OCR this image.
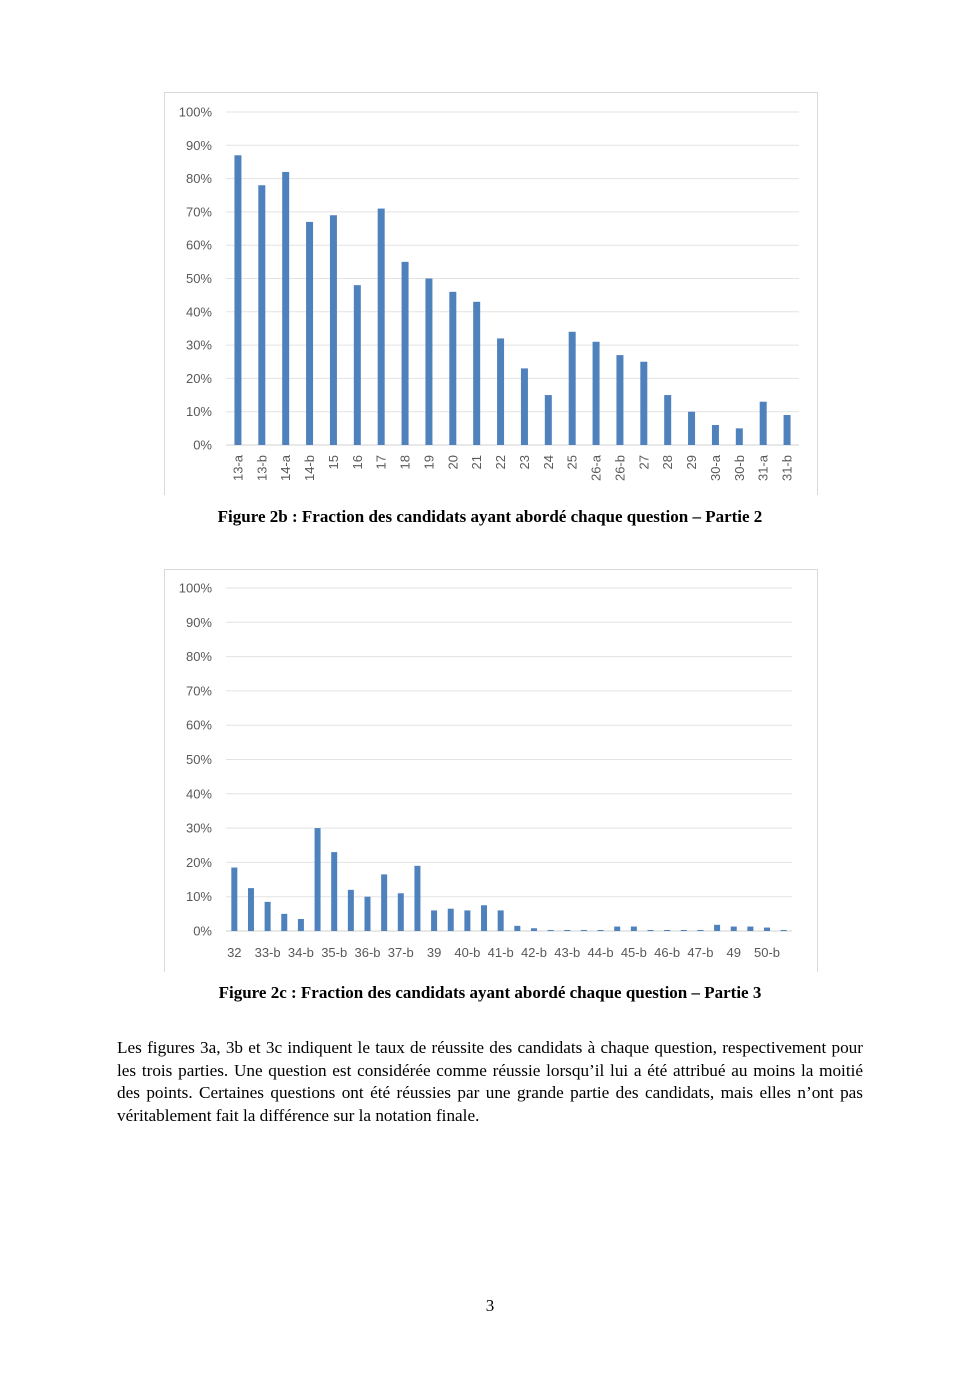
0%
10%
20%
30%
40%
50%
60%
70%
80%
90%
100%
13-a 13-b 14-a 14-b 15 16 17 18 19 20 21 22 23 24 25 26-a 26-b 27 28 29 30-a 30-b 31-a 31-b
Figure 2b : Fraction des candidats ayant abordé chaque question – Partie 2
0%
10%
20%
30%
40%
50%
60%
70%
80%
90%
100%
32 33-b 34-b 35-b 36-b 37-b 39 40-b 41-b 42-b 43-b 44-b 45-b 46-b 47-b 49 50-b
Figure 2c : Fraction des candidats ayant abordé chaque question – Partie 3
Les figures 3a, 3b et 3c indiquent le taux de réussite des candidats à chaque question, respectivement pour les trois parties. Une question est considérée comme réussie lorsqu’il lui a été attribué au moins la moitié des points. Certaines questions ont été réussies par une grande partie des candidats, mais elles n’ont pas véritablement fait la différence sur la notation finale.
3
